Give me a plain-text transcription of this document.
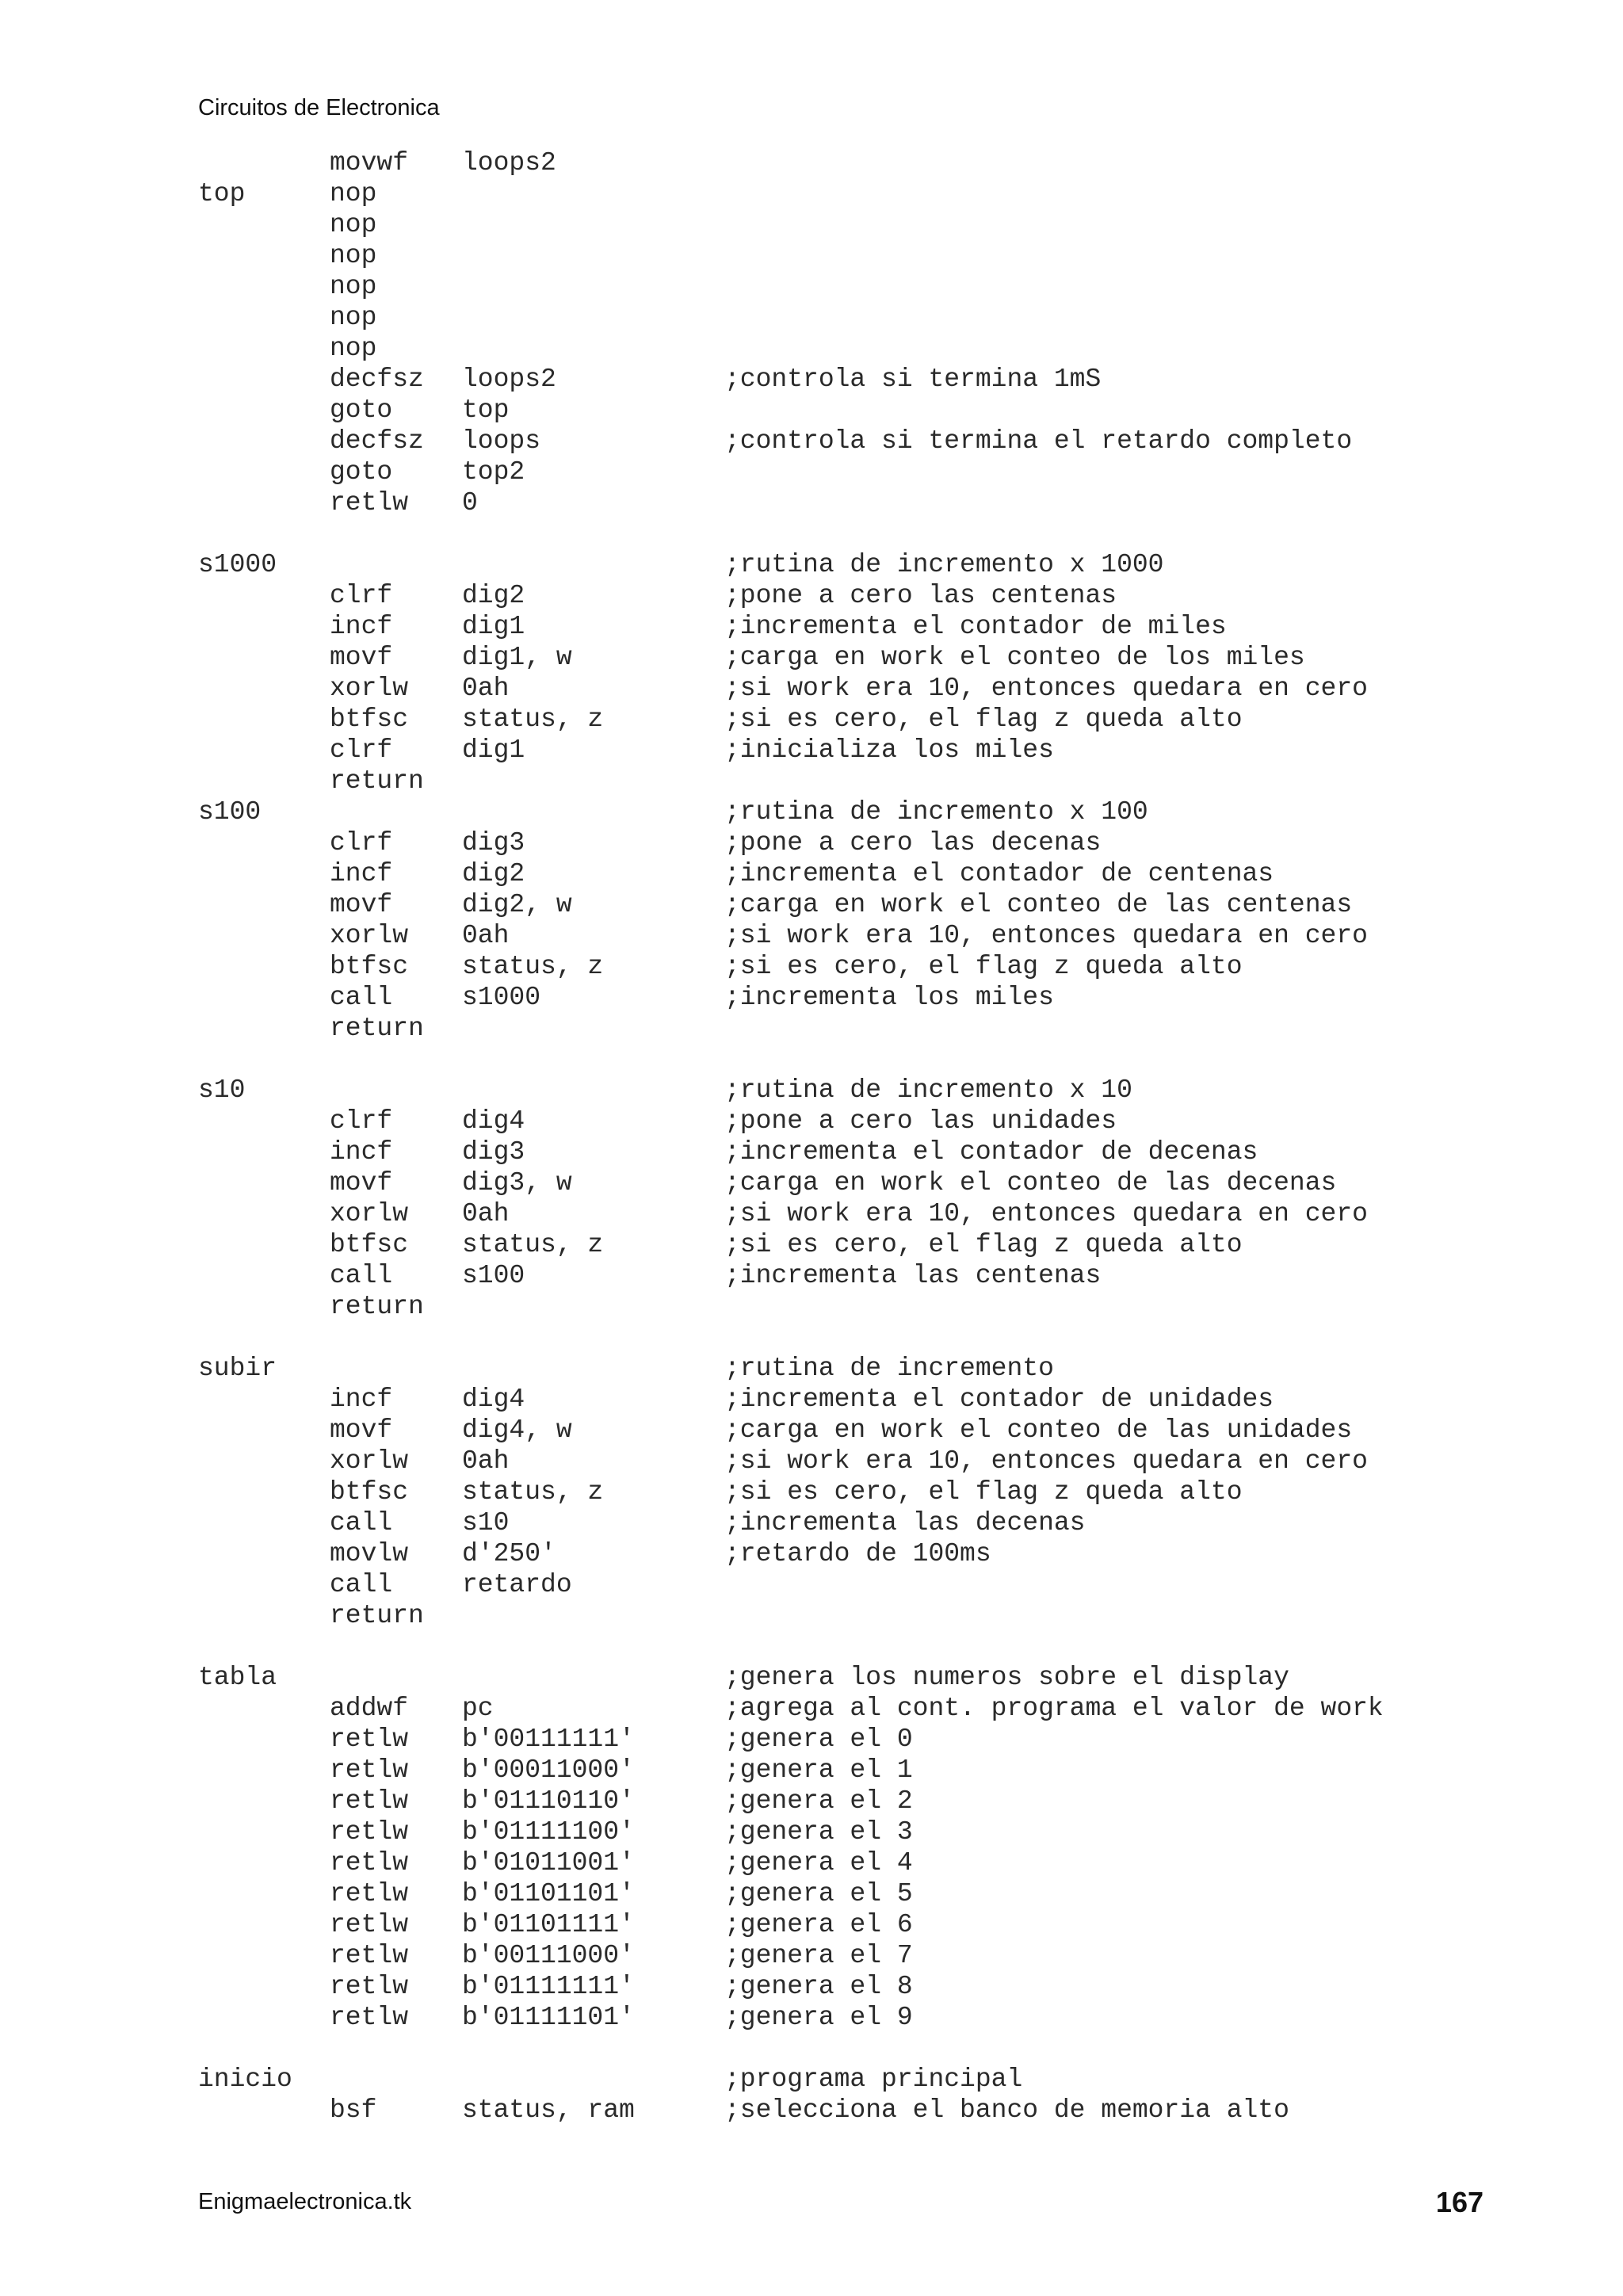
Circuitos de Electronica
movwf	loops2
top	nop
nop
nop
nop
nop
nop
decfsz	loops2	;controla si termina 1mS
goto	top
decfsz	loops	;controla si termina el retardo completo
goto	top2
retlw	0
s1000	;rutina de incremento x 1000
clrf	dig2	;pone a cero las centenas
incf	dig1	;incrementa el contador de miles
movf	dig1, w	;carga en work el conteo de los miles
xorlw	0ah	;si work era 10, entonces quedara en cero
btfsc	status, z	;si es cero, el flag z queda alto
clrf	dig1	;inicializa los miles
return
s100	;rutina de incremento x 100
clrf	dig3	;pone a cero las decenas
incf	dig2	;incrementa el contador de centenas
movf	dig2, w	;carga en work el conteo de las centenas
xorlw	0ah	;si work era 10, entonces quedara en cero
btfsc	status, z	;si es cero, el flag z queda alto
call	s1000	;incrementa los miles
return
s10	;rutina de incremento x 10
clrf	dig4	;pone a cero las unidades
incf	dig3	;incrementa el contador de decenas
movf	dig3, w	;carga en work el conteo de las decenas
xorlw	0ah	;si work era 10, entonces quedara en cero
btfsc	status, z	;si es cero, el flag z queda alto
call	s100	;incrementa las centenas
return
subir	;rutina de incremento
incf	dig4	;incrementa el contador de unidades
movf	dig4, w	;carga en work el conteo de las unidades
xorlw	0ah	;si work era 10, entonces quedara en cero
btfsc	status, z	;si es cero, el flag z queda alto
call	s10	;incrementa las decenas
movlw	d'250'	;retardo de 100ms
call	retardo
return
tabla	;genera los numeros sobre el display
addwf	pc	;agrega al cont. programa el valor de work
retlw	b'00111111'	;genera el 0
retlw	b'00011000'	;genera el 1
retlw	b'01110110'	;genera el 2
retlw	b'01111100'	;genera el 3
retlw	b'01011001'	;genera el 4
retlw	b'01101101'	;genera el 5
retlw	b'01101111'	;genera el 6
retlw	b'00111000'	;genera el 7
retlw	b'01111111'	;genera el 8
retlw	b'01111101'	;genera el 9
inicio	;programa principal
bsf	status, ram	;selecciona el banco de memoria alto
Enigmaelectronica.tk	167
